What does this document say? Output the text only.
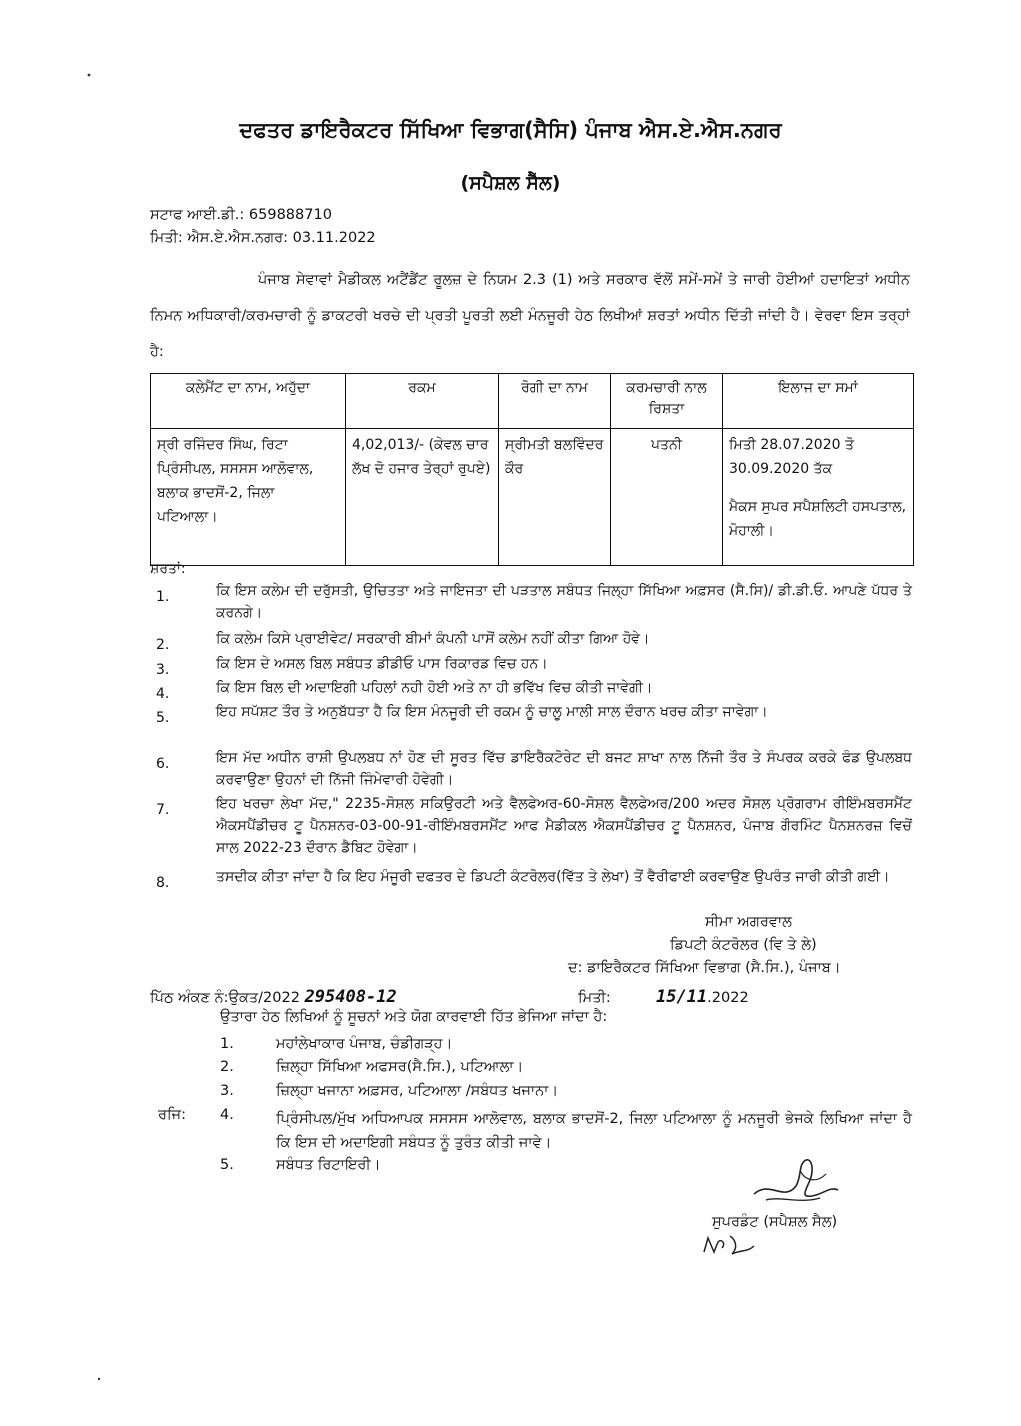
ਦਫਤਰ ਡਾਇਰੈਕਟਰ ਸਿੱਖਿਆ ਵਿਭਾਗ(ਸੈਸਿ) ਪੰਜਾਬ ਐਸ.ਏ.ਐਸ.ਨਗਰ
(ਸਪੈਸ਼ਲ ਸੈੱਲ)
ਸਟਾਫ ਆਈ.ਡੀ.: 659888710
ਮਿਤੀ: ਐਸ.ਏ.ਐਸ.ਨਗਰ: 03.11.2022
ਪੰਜਾਬ ਸੇਵਾਵਾਂ ਮੈਡੀਕਲ ਅਟੈਂਡੈਂਟ ਰੂਲਜ਼ ਦੇ ਨਿਯਮ 2.3 (1) ਅਤੇ ਸਰਕਾਰ ਵੱਲੋਂ ਸਮੇਂ-ਸਮੇਂ ਤੇ ਜਾਰੀ ਹੋਈਆਂ ਹਦਾਇਤਾਂ ਅਧੀਨ ਨਿਮਨ ਅਧਿਕਾਰੀ/ਕਰਮਚਾਰੀ ਨੂੰ ਡਾਕਟਰੀ ਖਰਚੇ ਦੀ ਪ੍ਰਤੀ ਪੂਰਤੀ ਲਈ ਮੰਨਜੂਰੀ ਹੇਠ ਲਿਖੀਆਂ ਸ਼ਰਤਾਂ ਅਧੀਨ ਦਿੱਤੀ ਜਾਂਦੀ ਹੈ। ਵੇਰਵਾ ਇਸ ਤਰ੍ਹਾਂ ਹੈ:
ਕਲੇਮੈਂਟ ਦਾ ਨਾਮ, ਅਹੁੱਦਾ	ਰਕਮ	ਰੋਗੀ ਦਾ ਨਾਮ	ਕਰਮਚਾਰੀ ਨਾਲ ਰਿਸ਼ਤਾ	ਇਲਾਜ ਦਾ ਸਮਾਂ
ਸ੍ਰੀ ਰਜਿੰਦਰ ਸਿੰਘ, ਰਿਟਾ ਪ੍ਰਿੰਸੀਪਲ, ਸਸਸਸ ਆਲੋਵਾਲ, ਬਲਾਕ ਭਾਦਸੋਂ-2, ਜਿਲਾ ਪਟਿਆਲਾ।	4,02,013/- (ਕੇਵਲ ਚਾਰ ਲੱਖ ਦੋ ਹਜਾਰ ਤੇਰ੍ਹਾਂ ਰੁਪਏ)	ਸ੍ਰੀਮਤੀ ਬਲਵਿੰਦਰ ਕੌਰ	ਪਤਨੀ	ਮਿਤੀ 28.07.2020 ਤੋ 30.09.2020 ਤੱਕ
ਮੈਕਸ ਸੁਪਰ ਸਪੈਸ਼ਲਿਟੀ ਹਸਪਤਾਲ, ਮੋਹਾਲੀ।
ਸ਼ਰਤਾਂ:
1.	ਕਿ ਇਸ ਕਲੇਮ ਦੀ ਦਰੁੱਸਤੀ, ਉਚਿਤਤਾ ਅਤੇ ਜਾਇਜਤਾ ਦੀ ਪੜਤਾਲ ਸਬੰਧਤ ਜਿਲ੍ਹਾ ਸਿੱਖਿਆ ਅਫ਼ਸਰ (ਸੈ.ਸਿ)/ ਡੀ.ਡੀ.ਓ. ਆਪਣੇ ਪੱਧਰ ਤੇ ਕਰਨਗੇ।
2.	ਕਿ ਕਲੇਮ ਕਿਸੇ ਪ੍ਰਾਈਵੇਟ/ ਸਰਕਾਰੀ ਬੀਮਾਂ ਕੰਪਨੀ ਪਾਸੋਂ ਕਲੇਮ ਨਹੀਂ ਕੀਤਾ ਗਿਆ ਹੋਵੇ।
3.	ਕਿ ਇਸ ਦੇ ਅਸਲ ਬਿਲ ਸਬੰਧਤ ਡੀਡੀਓ ਪਾਸ ਰਿਕਾਰਡ ਵਿਚ ਹਨ।
4.	ਕਿ ਇਸ ਬਿਲ ਦੀ ਅਦਾਇਗੀ ਪਹਿਲਾਂ ਨਹੀ ਹੋਈ ਅਤੇ ਨਾ ਹੀ ਭਵਿੱਖ ਵਿਚ ਕੀਤੀ ਜਾਵੇਗੀ।
5.	ਇਹ ਸਪੱਸ਼ਟ ਤੌਰ ਤੇ ਅਨੁਬੱਧਤਾ ਹੈ ਕਿ ਇਸ ਮੰਨਜੂਰੀ ਦੀ ਰਕਮ ਨੂੰ ਚਾਲੂ ਮਾਲੀ ਸਾਲ ਦੌਰਾਨ ਖਰਚ ਕੀਤਾ ਜਾਵੇਗਾ।
6.	ਇਸ ਮੱਦ ਅਧੀਨ ਰਾਸ਼ੀ ਉਪਲਬਧ ਨਾਂ ਹੋਣ ਦੀ ਸੂਰਤ ਵਿੱਚ ਡਾਇਰੈਕਟੋਰੇਟ ਦੀ ਬਜਟ ਸ਼ਾਖਾ ਨਾਲ ਨਿੱਜੀ ਤੌਰ ਤੇ ਸੰਪਰਕ ਕਰਕੇ ਫੰਡ ਉਪਲਬਧ ਕਰਵਾਉਣਾ ਉਹਨਾਂ ਦੀ ਨਿੱਜੀ ਜਿੰਮੇਵਾਰੀ ਹੋਵੇਗੀ।
7.	ਇਹ ਖਰਚਾ ਲੇਖਾ ਮੱਦ," 2235-ਸੋਸ਼ਲ ਸਕਿਉਰਟੀ ਅਤੇ ਵੈਲਫੇਅਰ-60-ਸੋਸ਼ਲ ਵੈਲਫੇਅਰ/200 ਅਦਰ ਸੋਸ਼ਲ ਪ੍ਰੋਗਰਾਮ ਰੀਇੰਮਬਰਸਮੈਂਟ ਐਕਸਪੈਂਡੀਚਰ ਟੂ ਪੈਨਸ਼ਨਰ-03-00-91-ਰੀਇੰਮਬਰਸਮੈਂਟ ਆਫ ਮੈਡੀਕਲ ਐਕਸਪੈਂਡੀਚਰ ਟੂ ਪੈਨਸ਼ਨਰ, ਪੰਜਾਬ ਗੌਰਮਿੰਟ ਪੈਨਸ਼ਨਰਜ਼ ਵਿਚੋਂ ਸਾਲ 2022-23 ਦੌਰਾਨ ਡੈਬਿਟ ਹੋਵੇਗਾ।
8.	ਤਸਦੀਕ ਕੀਤਾ ਜਾਂਦਾ ਹੈ ਕਿ ਇਹ ਮੰਜੂਰੀ ਦਫਤਰ ਦੇ ਡਿਪਟੀ ਕੰਟਰੋਲਰ(ਵਿੱਤ ਤੇ ਲੇਖਾ) ਤੋਂ ਵੈਰੀਫਾਈ ਕਰਵਾਉਣ ਉਪਰੰਤ ਜਾਰੀ ਕੀਤੀ ਗਈ।
ਸੀਮਾ ਅਗਰਵਾਲ
ਡਿਪਟੀ ਕੰਟਰੋਲਰ (ਵਿ ਤੇ ਲੇ)
ਦ: ਡਾਇਰੈਕਟਰ ਸਿੱਖਿਆ ਵਿਭਾਗ (ਸੈ.ਸਿ.), ਪੰਜਾਬ।
ਪਿੱਠ ਅੰਕਣ ਨੰ:ਉਕਤ/2022 295408-12	ਮਿਤੀ:	15/11.2022
ਉਤਾਰਾ ਹੇਠ ਲਿਖਿਆਂ ਨੂੰ ਸੂਚਨਾਂ ਅਤੇ ਯੋਗ ਕਾਰਵਾਈ ਹਿੱਤ ਭੇਜਿਆ ਜਾਂਦਾ ਹੈ:
1.	ਮਹਾਂਲੇਖਾਕਾਰ ਪੰਜਾਬ, ਚੰਡੀਗੜ੍ਹ।
2.	ਜ਼ਿਲ੍ਹਾ ਸਿੱਖਿਆ ਅਫਸਰ(ਸੈ.ਸਿ.), ਪਟਿਆਲਾ।
3.	ਜ਼ਿਲ੍ਹਾ ਖਜਾਨਾ ਅਫ਼ਸਰ, ਪਟਿਆਲਾ /ਸਬੰਧਤ ਖਜਾਨਾ।
ਰਜਿ: 4.	ਪ੍ਰਿੰਸੀਪਲ/ਮੁੱਖ ਅਧਿਆਪਕ ਸਸਸਸ ਆਲੋਵਾਲ, ਬਲਾਕ ਭਾਦਸੋਂ-2, ਜਿਲਾ ਪਟਿਆਲਾ ਨੂੰ ਮਨਜੂਰੀ ਭੇਜਕੇ ਲਿਖਿਆ ਜਾਂਦਾ ਹੈ ਕਿ ਇਸ ਦੀ ਅਦਾਇਗੀ ਸਬੰਧਤ ਨੂੰ ਤੁਰੰਤ ਕੀਤੀ ਜਾਵੇ।
5.	ਸਬੰਧਤ ਰਿਟਾਇਰੀ।
ਸੁਪਰਡੰਟ (ਸਪੈਸ਼ਲ ਸੈਲ)
